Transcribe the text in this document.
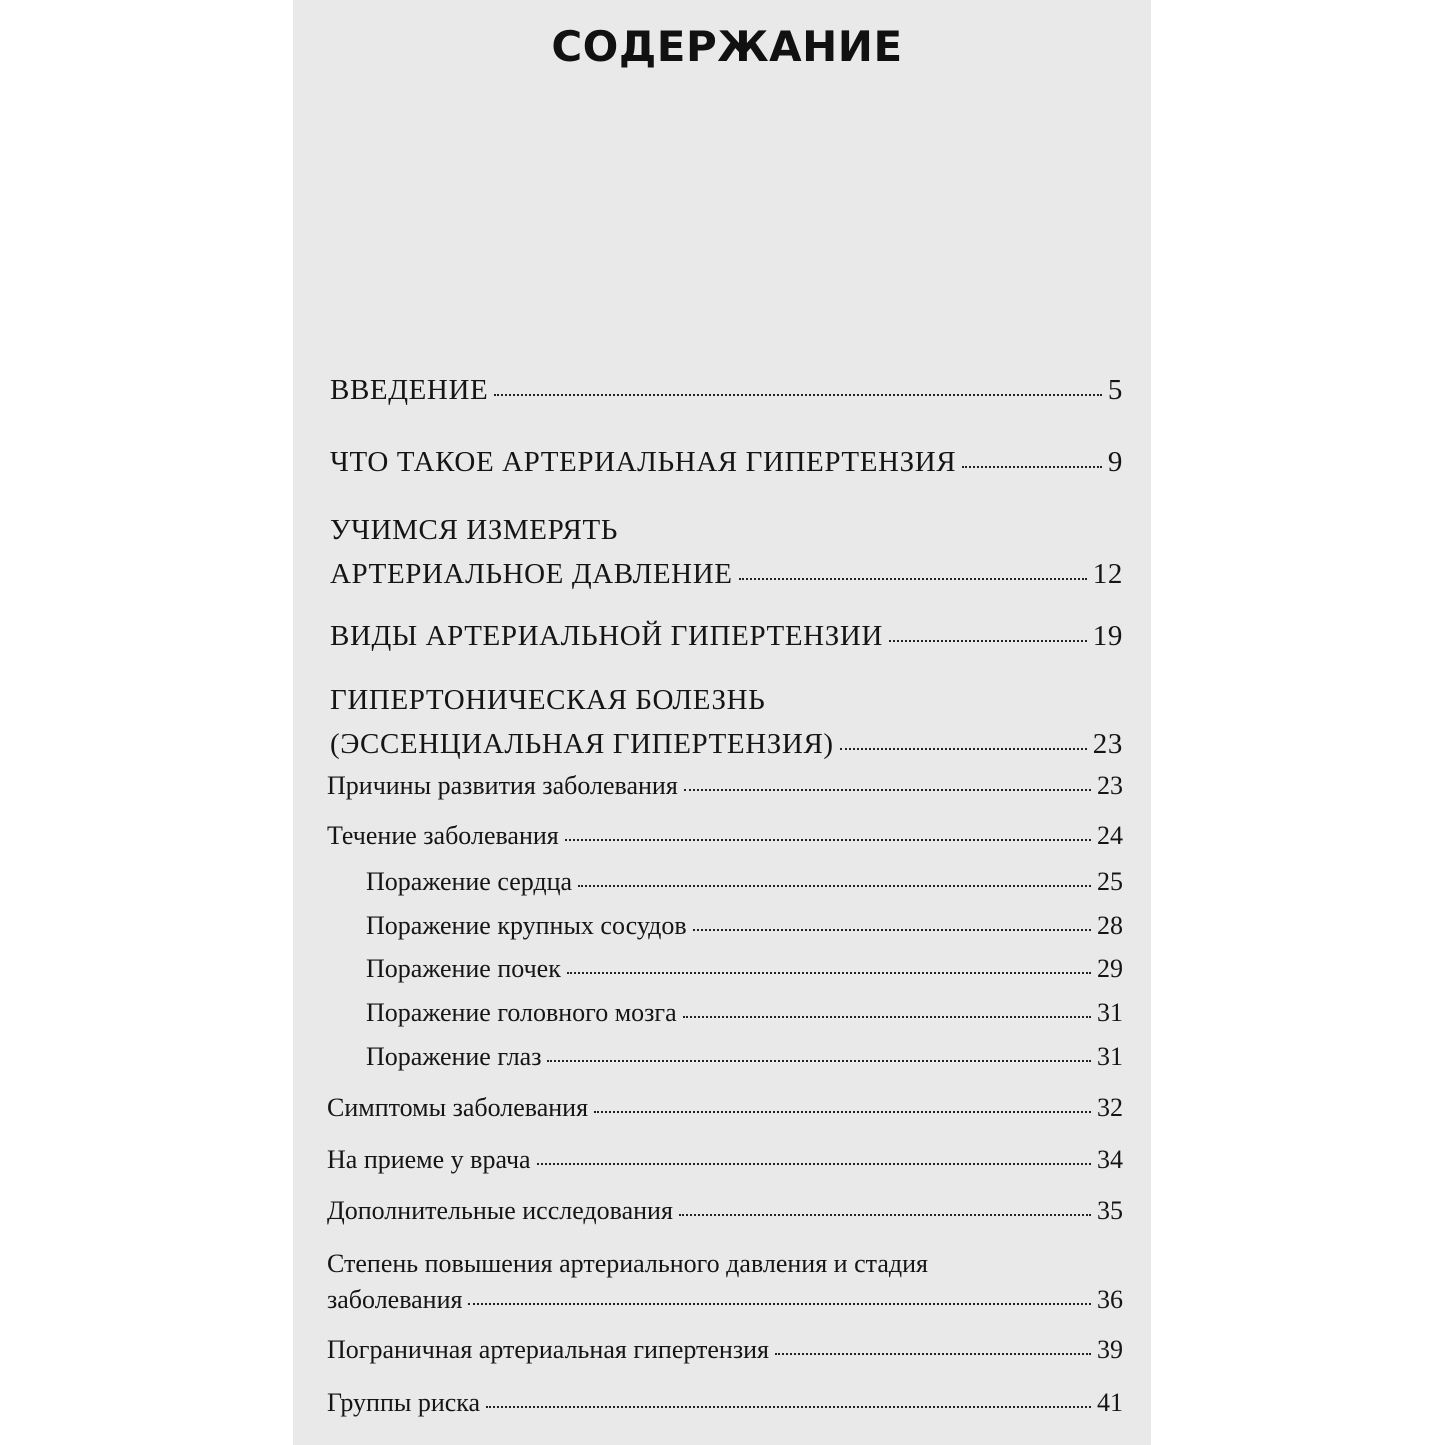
СОДЕРЖАНИЕ
ВВЕДЕНИЕ	5
ЧТО ТАКОЕ АРТЕРИАЛЬНАЯ ГИПЕРТЕНЗИЯ	9
УЧИМСЯ ИЗМЕРЯТЬ
АРТЕРИАЛЬНОЕ ДАВЛЕНИЕ	12
ВИДЫ АРТЕРИАЛЬНОЙ ГИПЕРТЕНЗИИ	19
ГИПЕРТОНИЧЕСКАЯ БОЛЕЗНЬ
(ЭССЕНЦИАЛЬНАЯ ГИПЕРТЕНЗИЯ)	23
Причины развития заболевания	23
Течение заболевания	24
Поражение сердца	25
Поражение крупных сосудов	28
Поражение почек	29
Поражение головного мозга	31
Поражение глаз	31
Симптомы заболевания	32
На приеме у врача	34
Дополнительные исследования	35
Степень повышения артериального давления и стадия
заболевания	36
Пограничная артериальная гипертензия	39
Группы риска	41
